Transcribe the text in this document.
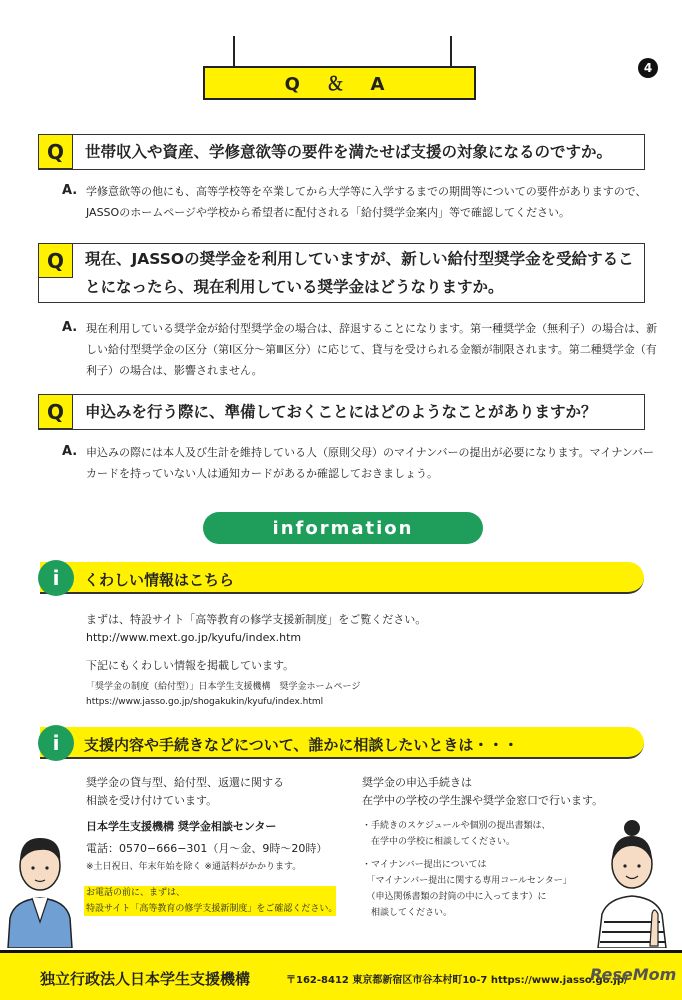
Q ＆ A
4
Q	世帯収入や資産、学修意欲等の要件を満たせば支援の対象になるのですか。
A. 学修意欲等の他にも、高等学校等を卒業してから大学等に入学するまでの期間等についての要件がありますので、JASSOのホームページや学校から希望者に配付される「給付奨学金案内」等で確認してください。
Q	現在、JASSOの奨学金を利用していますが、新しい給付型奨学金を受給することになったら、現在利用している奨学金はどうなりますか。
A. 現在利用している奨学金が給付型奨学金の場合は、辞退することになります。第一種奨学金（無利子）の場合は、新しい給付型奨学金の区分（第Ⅰ区分〜第Ⅲ区分）に応じて、貸与を受けられる金額が制限されます。第二種奨学金（有利子）の場合は、影響されません。
Q	申込みを行う際に、準備しておくことにはどのようなことがありますか？
A. 申込みの際には本人及び生計を維持している人（原則父母）のマイナンバーの提出が必要になります。マイナンバーカードを持っていない人は通知カードがあるか確認しておきましょう。
information
i	くわしい情報はこちら
まずは、特設サイト「高等教育の修学支援新制度」をご覧ください。
http://www.mext.go.jp/kyufu/index.htm
下記にもくわしい情報を掲載しています。
「奨学金の制度（給付型）」日本学生支援機構　奨学金ホームページ
https://www.jasso.go.jp/shogakukin/kyufu/index.html
i	支援内容や手続きなどについて、誰かに相談したいときは・・・
奨学金の貸与型、給付型、返還に関する
相談を受け付けています。
日本学生支援機構 奨学金相談センター
電話：0570−666−301（月〜金、9時〜20時）
※土日祝日、年末年始を除く ※通話料がかかります。
お電話の前に、まずは、
特設サイト「高等教育の修学支援新制度」をご確認ください。
奨学金の申込手続きは
在学中の学校の学生課や奨学金窓口で行います。
・手続きのスケジュールや個別の提出書類は、
　在学中の学校に相談してください。
・マイナンバー提出については
　「マイナンバー提出に関する専用コールセンター」
　（申込関係書類の封筒の中に入ってます）に
　相談してください。
独立行政法人日本学生支援機構	〒162-8412 東京都新宿区市谷本村町10-7 https://www.jasso.go.jp/
ReseMom
